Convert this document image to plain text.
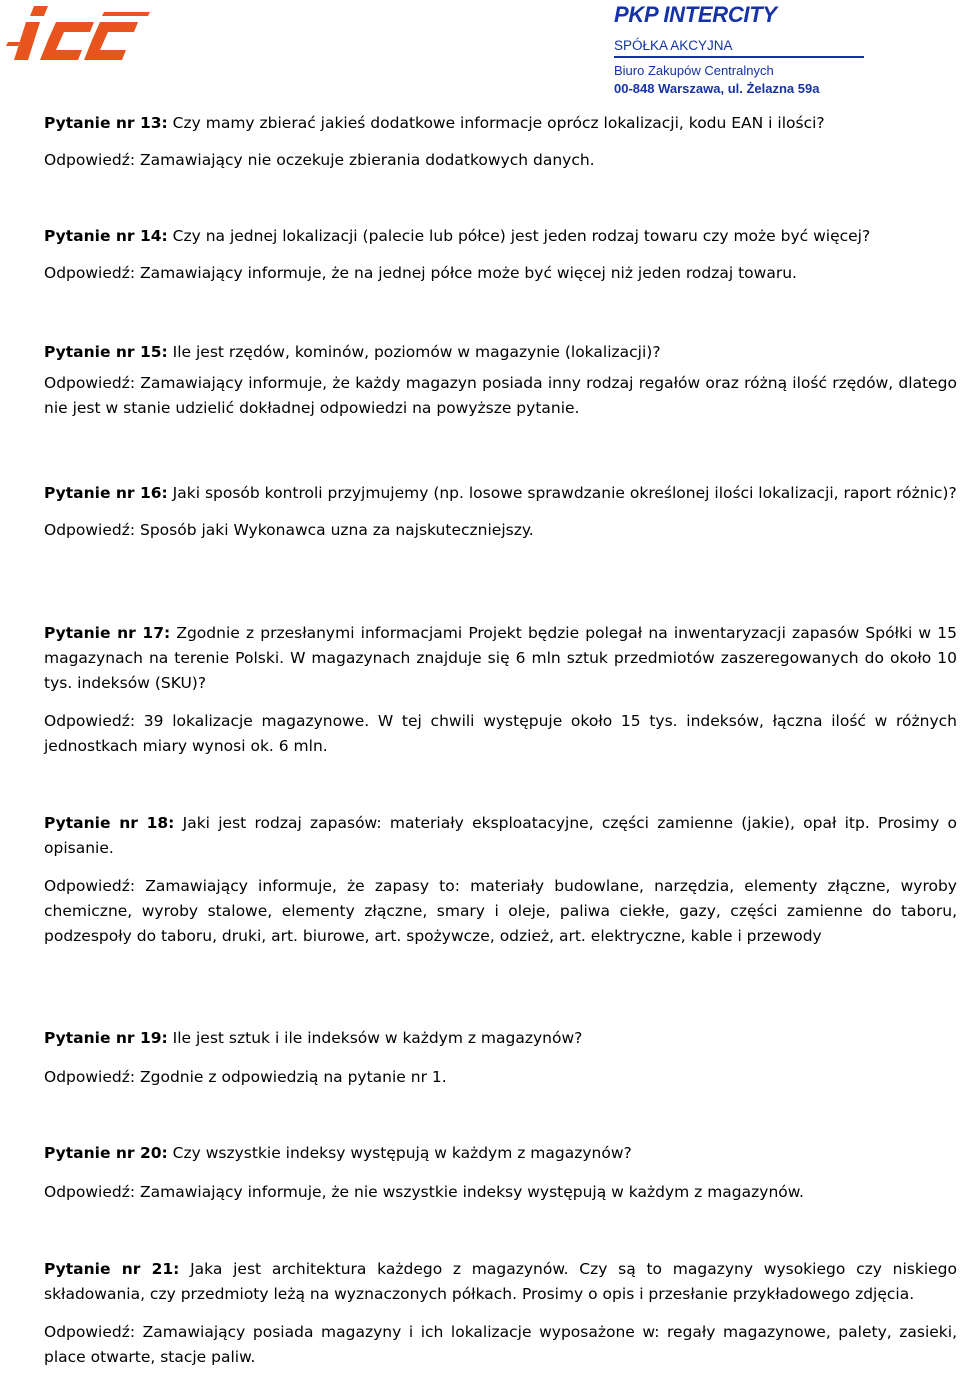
PKP INTERCITY
SPÓŁKA AKCYJNA
Biuro Zakupów Centralnych
00-848 Warszawa, ul. Żelazna 59a

Pytanie nr 13: Czy mamy zbierać jakieś dodatkowe informacje oprócz lokalizacji, kodu EAN i ilości?

Odpowiedź: Zamawiający nie oczekuje zbierania dodatkowych danych.

Pytanie nr 14: Czy na jednej lokalizacji (palecie lub półce) jest jeden rodzaj towaru czy może być więcej?

Odpowiedź: Zamawiający informuje, że na jednej półce może być więcej niż jeden rodzaj towaru.

Pytanie nr 15: Ile jest rzędów, kominów, poziomów w magazynie (lokalizacji)?

Odpowiedź: Zamawiający informuje, że każdy magazyn posiada inny rodzaj regałów oraz różną ilość rzędów, dlatego nie jest w stanie udzielić dokładnej odpowiedzi na powyższe pytanie.

Pytanie nr 16: Jaki sposób kontroli przyjmujemy (np. losowe sprawdzanie określonej ilości lokalizacji, raport różnic)?

Odpowiedź: Sposób jaki Wykonawca uzna za najskuteczniejszy.

Pytanie nr 17: Zgodnie z przesłanymi informacjami Projekt będzie polegał na inwentaryzacji zapasów Spółki w 15 magazynach na terenie Polski. W magazynach znajduje się 6 mln sztuk przedmiotów zaszeregowanych do około 10 tys. indeksów (SKU)?

Odpowiedź: 39 lokalizacje magazynowe. W tej chwili występuje około 15 tys. indeksów, łączna ilość w różnych jednostkach miary wynosi ok. 6 mln.

Pytanie nr 18: Jaki jest rodzaj zapasów: materiały eksploatacyjne, części zamienne (jakie), opał itp. Prosimy o opisanie.

Odpowiedź: Zamawiający informuje, że zapasy to: materiały budowlane, narzędzia, elementy złączne, wyroby chemiczne, wyroby stalowe, elementy złączne, smary i oleje, paliwa ciekłe, gazy, części zamienne do taboru, podzespoły do taboru, druki, art. biurowe, art. spożywcze, odzież, art. elektryczne, kable i przewody

Pytanie nr 19: Ile jest sztuk i ile indeksów w każdym z magazynów?

Odpowiedź: Zgodnie z odpowiedzią na pytanie nr 1.

Pytanie nr 20: Czy wszystkie indeksy występują w każdym z magazynów?

Odpowiedź: Zamawiający informuje, że nie wszystkie indeksy występują w każdym z magazynów.

Pytanie nr 21: Jaka jest architektura każdego z magazynów. Czy są to magazyny wysokiego czy niskiego składowania, czy przedmioty leżą na wyznaczonych półkach. Prosimy o opis i przesłanie przykładowego zdjęcia.

Odpowiedź: Zamawiający posiada magazyny i ich lokalizacje wyposażone w: regały magazynowe, palety, zasieki, place otwarte, stacje paliw.
